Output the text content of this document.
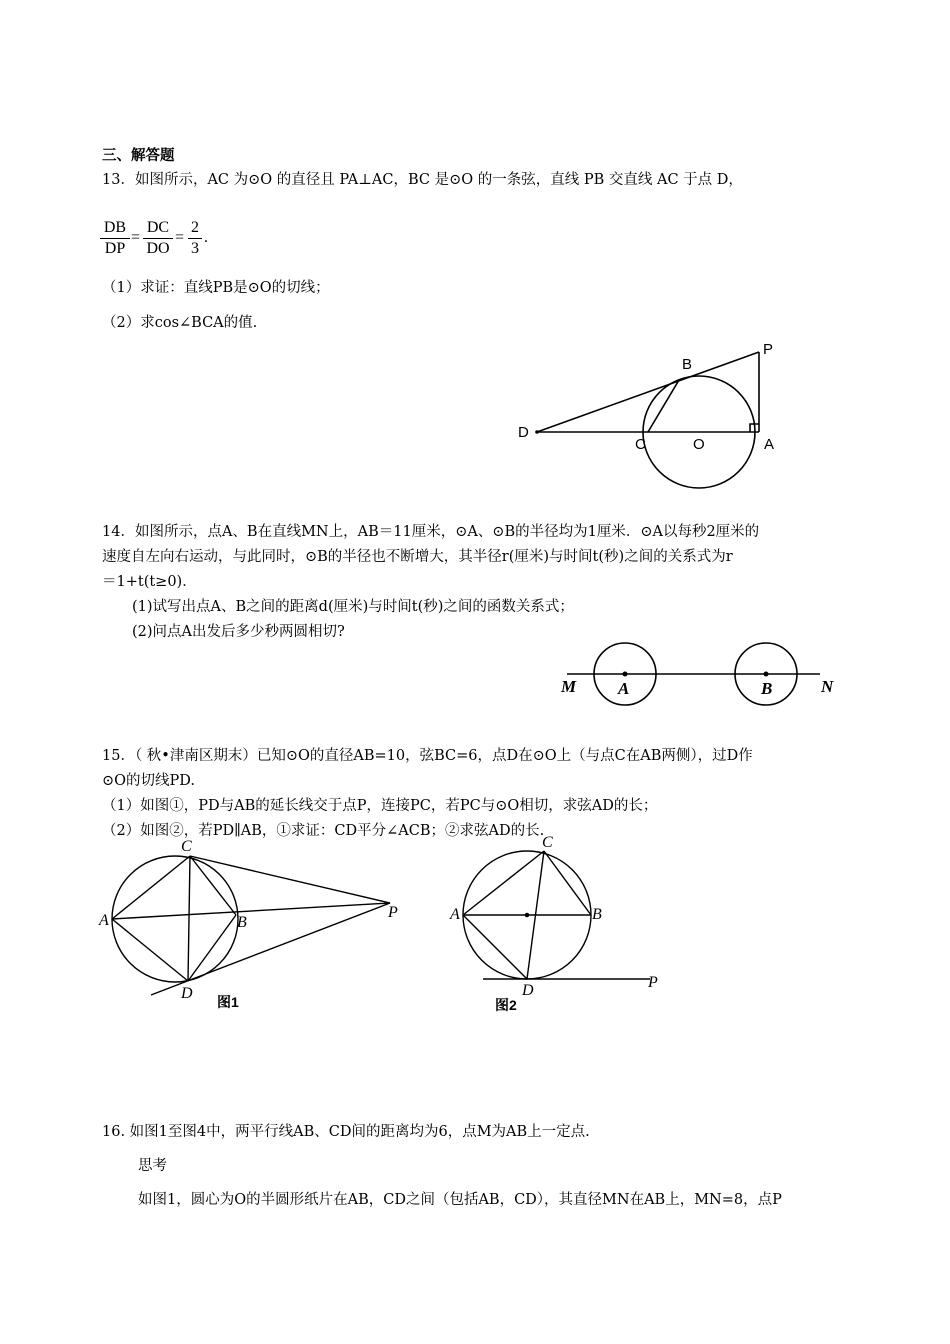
三、解答题
13．如图所示，AC 为⊙O 的直径且 PA⊥AC，BC 是⊙O 的一条弦，直线 PB 交直线 AC 于点 D，
DB
DP
=
DC
DO
=
2
3
.
（1）求证：直线PB是⊙O的切线；
（2）求cos∠BCA的值.
P
B
D
C	O	A
14．如图所示，点A、B在直线MN上，AB＝11厘米，⊙A、⊙B的半径均为1厘米．⊙A以每秒2厘米的
速度自左向右运动，与此同时，⊙B的半径也不断增大，其半径r(厘米)与时间t(秒)之间的关系式为r
＝1+t(t≥0)．
(1)试写出点A、B之间的距离d(厘米)与时间t(秒)之间的函数关系式；
(2)问点A出发后多少秒两圆相切?
M A	B	N
15．（ 秋•津南区期末）已知⊙O的直径AB=10，弦BC=6，点D在⊙O上（与点C在AB两侧），过D作
⊙O的切线PD.
（1）如图①，PD与AB的延长线交于点P，连接PC，若PC与⊙O相切，求弦AD的长；
（2）如图②，若PD∥AB，①求证：CD平分∠ACB；②求弦AD的长.
C
A	B
P
D 图1
C
A	B
D	P
图2
16. 如图1至图4中，两平行线AB、CD间的距离均为6，点M为AB上一定点.
思考
如图1，圆心为O的半圆形纸片在AB，CD之间（包括AB，CD），其直径MN在AB上，MN=8，点P
